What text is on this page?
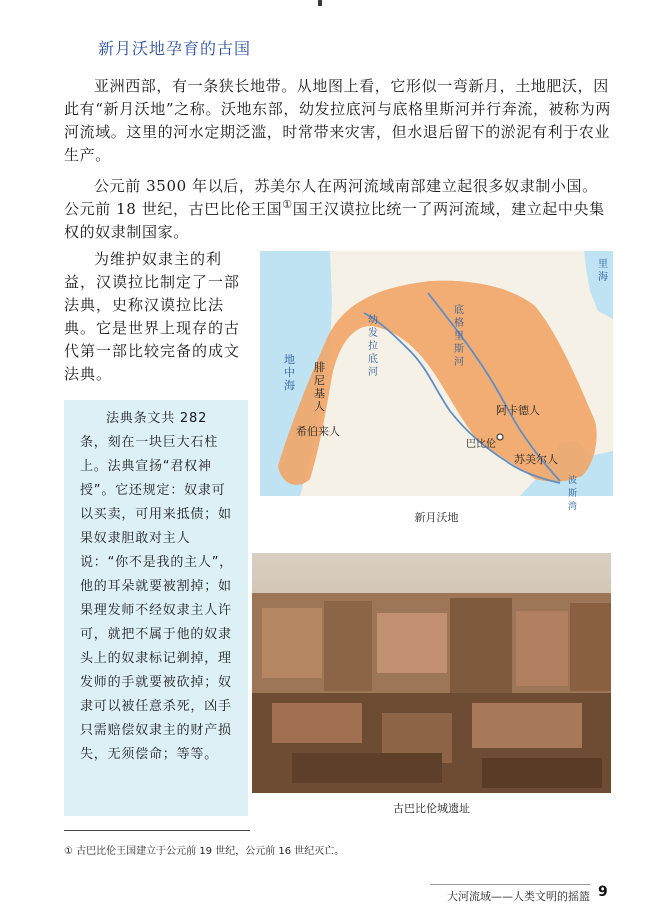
新月沃地孕育的古国

亚洲西部，有一条狭长地带。从地图上看，它形似一弯新月，土地肥沃，因此有“新月沃地”之称。沃地东部，幼发拉底河与底格里斯河并行奔流，被称为两河流域。这里的河水定期泛滥，时常带来灾害，但水退后留下的淤泥有利于农业生产。

公元前 3500 年以后，苏美尔人在两河流域南部建立起很多奴隶制小国。公元前 18 世纪，古巴比伦王国①国王汉谟拉比统一了两河流域，建立起中央集权的奴隶制国家。

为维护奴隶主的利益，汉谟拉比制定了一部法典，史称汉谟拉比法典。它是世界上现存的古代第一部比较完备的成文法典。

法典条文共 282 条，刻在一块巨大石柱上。法典宣扬“君权神授”。它还规定：奴隶可以买卖，可用来抵债；如果奴隶胆敢对主人说：“你不是我的主人”，他的耳朵就要被割掉；如果理发师不经奴隶主人许可，就把不属于他的奴隶头上的奴隶标记剃掉，理发师的手就要被砍掉；奴隶可以被任意杀死，凶手只需赔偿奴隶主的财产损失，无须偿命；等等。
里海
地中海
腓尼基人
希伯来人
阿卡德人
苏美尔人
巴比伦
幼发拉底河
底格里斯河
波斯湾
新月沃地
古巴比伦城遗址
① 古巴比伦王国建立于公元前 19 世纪，公元前 16 世纪灭亡。
大河流域——人类文明的摇篮 9
